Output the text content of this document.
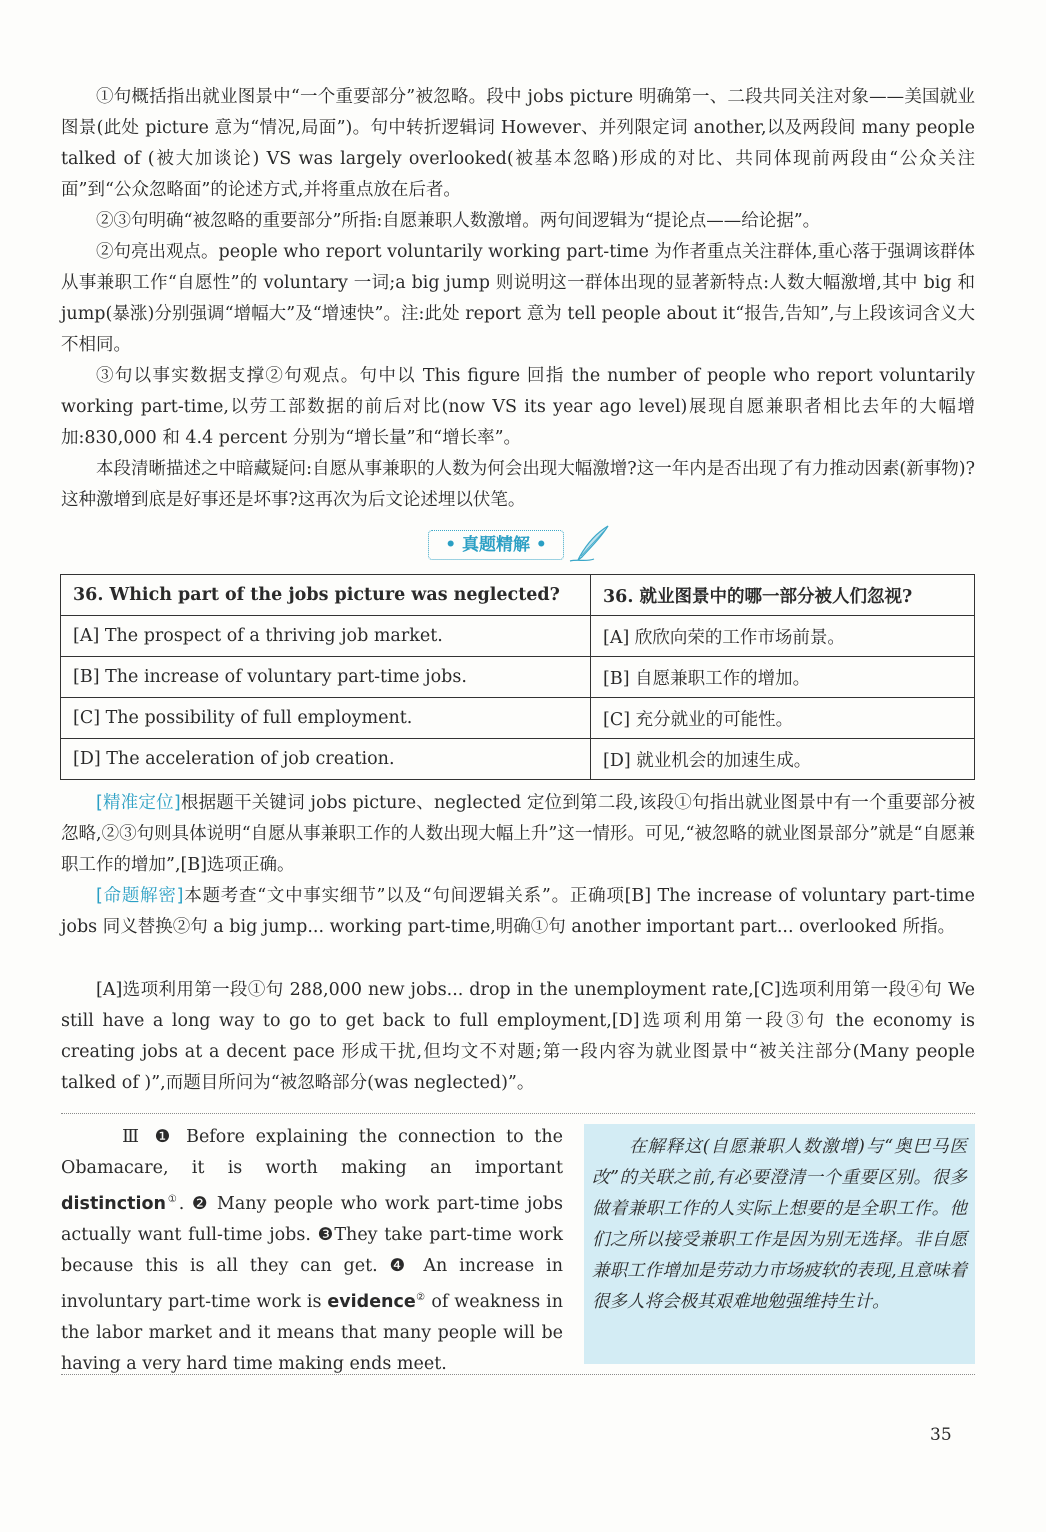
①句概括指出就业图景中“一个重要部分”被忽略。段中 jobs picture 明确第一、二段共同关注对象——美国就业图景(此处 picture 意为“情况,局面”)。句中转折逻辑词 However、并列限定词 another,以及两段间 many people talked of (被大加谈论) VS was largely overlooked(被基本忽略)形成的对比、共同体现前两段由“公众关注面”到“公众忽略面”的论述方式,并将重点放在后者。

②③句明确“被忽略的重要部分”所指:自愿兼职人数激增。两句间逻辑为“提论点——给论据”。

②句亮出观点。people who report voluntarily working part-time 为作者重点关注群体,重心落于强调该群体从事兼职工作“自愿性”的 voluntary 一词;a big jump 则说明这一群体出现的显著新特点:人数大幅激增,其中 big 和 jump(暴涨)分别强调“增幅大”及“增速快”。注:此处 report 意为 tell people about it“报告,告知”,与上段该词含义大不相同。

③句以事实数据支撑②句观点。句中以 This figure 回指 the number of people who report voluntarily working part-time,以劳工部数据的前后对比(now VS its year ago level)展现自愿兼职者相比去年的大幅增加:830,000 和 4.4 percent 分别为“增长量”和“增长率”。

本段清晰描述之中暗藏疑问:自愿从事兼职的人数为何会出现大幅激增?这一年内是否出现了有力推动因素(新事物)?这种激增到底是好事还是坏事?这再次为后文论述埋以伏笔。

• 真题精解 •
36. Which part of the jobs picture was neglected?	36. 就业图景中的哪一部分被人们忽视?
[A] The prospect of a thriving job market.	[A] 欣欣向荣的工作市场前景。
[B] The increase of voluntary part-time jobs.	[B] 自愿兼职工作的增加。
[C] The possibility of full employment.	[C] 充分就业的可能性。
[D] The acceleration of job creation.	[D] 就业机会的加速生成。

[精准定位]根据题干关键词 jobs picture、neglected 定位到第二段,该段①句指出就业图景中有一个重要部分被忽略,②③句则具体说明“自愿从事兼职工作的人数出现大幅上升”这一情形。可见,“被忽略的就业图景部分”就是“自愿兼职工作的增加”,[B]选项正确。

[命题解密]本题考查“文中事实细节”以及“句间逻辑关系”。正确项[B] The increase of voluntary part-time jobs 同义替换②句 a big jump... working part-time,明确①句 another important part... overlooked 所指。

[A]选项利用第一段①句 288,000 new jobs... drop in the unemployment rate,[C]选项利用第一段④句 We still have a long way to go to get back to full employment,[D]选项利用第一段③句 the economy is creating jobs at a decent pace 形成干扰,但均文不对题;第一段内容为就业图景中“被关注部分(Many people talked of )”,而题目所问为“被忽略部分(was neglected)”。

Ⅲ ❶ Before explaining the connection to the Obamacare, it is worth making an important distinction①. ❷ Many people who work part-time jobs actually want full-time jobs. ❸They take part-time work because this is all they can get. ❹ An increase in involuntary part-time work is evidence② of weakness in the labor market and it means that many people will be having a very hard time making ends meet.

在解释这(自愿兼职人数激增)与“奥巴马医改”的关联之前,有必要澄清一个重要区别。很多做着兼职工作的人实际上想要的是全职工作。他们之所以接受兼职工作是因为别无选择。非自愿兼职工作增加是劳动力市场疲软的表现,且意味着很多人将会极其艰难地勉强维持生计。
35
